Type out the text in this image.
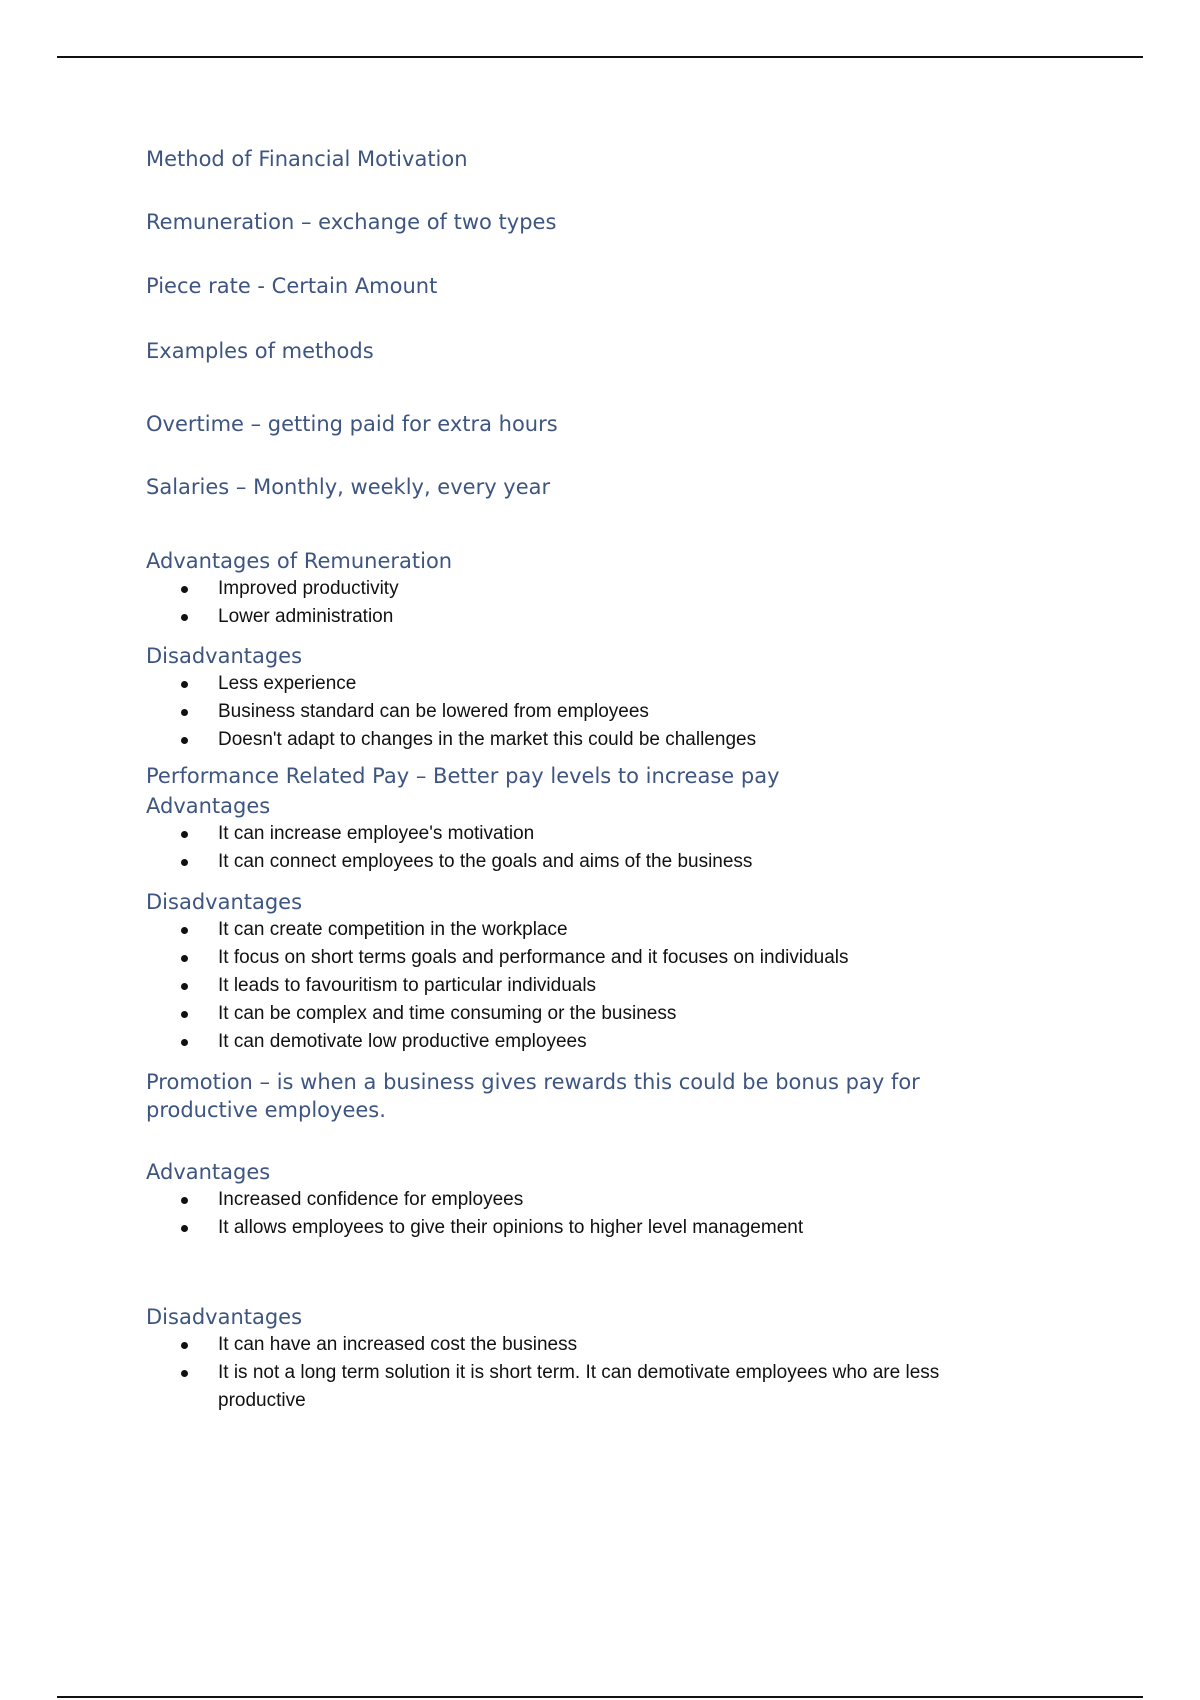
Method of Financial Motivation

Remuneration – exchange of two types

Piece rate - Certain Amount

Examples of methods

Overtime – getting paid for extra hours

Salaries – Monthly, weekly, every year

Advantages of Remuneration

Improved productivity
Lower administration

Disadvantages

Less experience
Business standard can be lowered from employees
Doesn't adapt to changes in the market this could be challenges

Performance Related Pay – Better pay levels to increase pay

Advantages

It can increase employee's motivation
It can connect employees to the goals and aims of the business

Disadvantages

It can create competition in the workplace
It focus on short terms goals and performance and it focuses on individuals
It leads to favouritism to particular individuals
It can be complex and time consuming or the business
It can demotivate low productive employees

Promotion – is when a business gives rewards this could be bonus pay for productive employees.

Advantages

Increased confidence for employees
It allows employees to give their opinions to higher level management

Disadvantages

It can have an increased cost the business
It is not a long term solution it is short term. It can demotivate employees who are less productive
